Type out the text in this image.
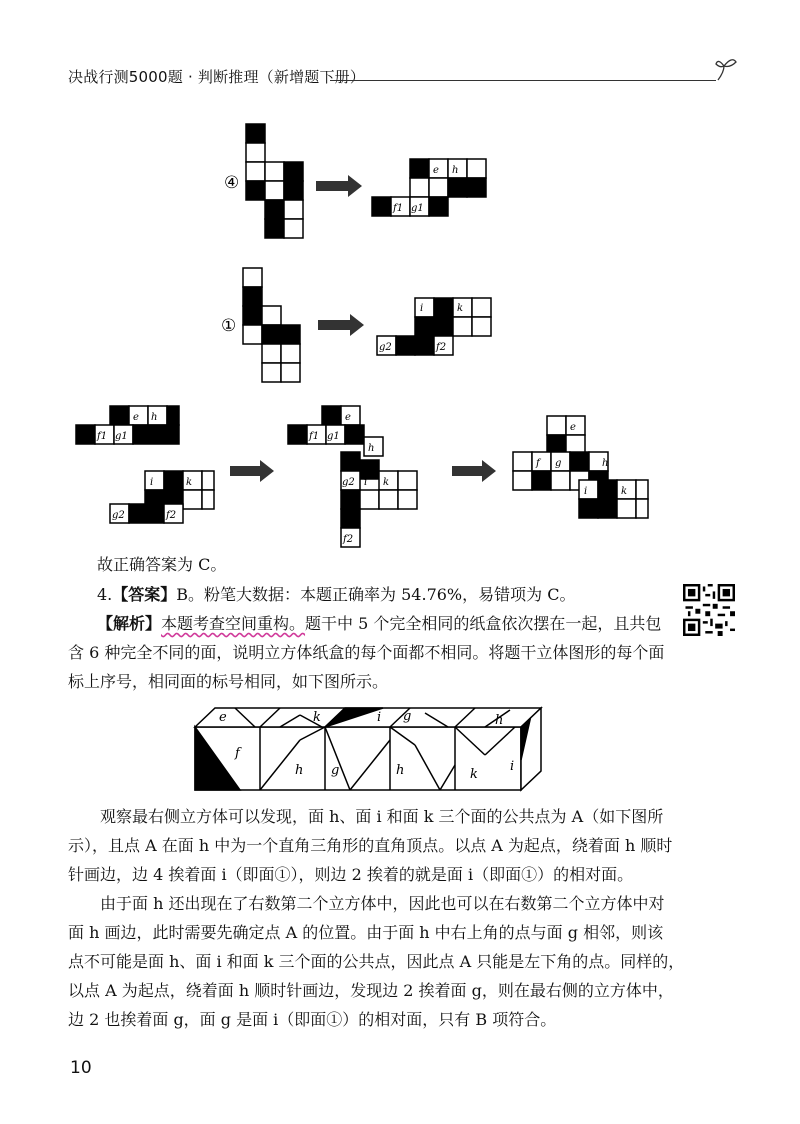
决战行测5000题 · 判断推理（新增题下册）
④
①
e h
f1 g1
i	k
g2	f2
e h
f1 g1
i	k
g2	f2
e
f1 g1
h
g2 i k
f2
e
f g	h
i	k
e	k	i g	h
f
h g	h	k
i
故正确答案为 C。
4.【答案】B。粉笔大数据：本题正确率为 54.76%，易错项为 C。
【解析】本题考查空间重构。题干中 5 个完全相同的纸盒依次摆在一起，且共包
含 6 种完全不同的面，说明立方体纸盒的每个面都不相同。将题干立体图形的每个面
标上序号，相同面的标号相同，如下图所示。
观察最右侧立方体可以发现，面 h、面 i 和面 k 三个面的公共点为 A（如下图所
示），且点 A 在面 h 中为一个直角三角形的直角顶点。以点 A 为起点，绕着面 h 顺时
针画边，边 4 挨着面 i（即面①），则边 2 挨着的就是面 i（即面①）的相对面。
由于面 h 还出现在了右数第二个立方体中，因此也可以在右数第二个立方体中对
面 h 画边，此时需要先确定点 A 的位置。由于面 h 中右上角的点与面 g 相邻，则该
点不可能是面 h、面 i 和面 k 三个面的公共点，因此点 A 只能是左下角的点。同样的，
以点 A 为起点，绕着面 h 顺时针画边，发现边 2 挨着面 g，则在最右侧的立方体中，
边 2 也挨着面 g，面 g 是面 i（即面①）的相对面，只有 B 项符合。
10
